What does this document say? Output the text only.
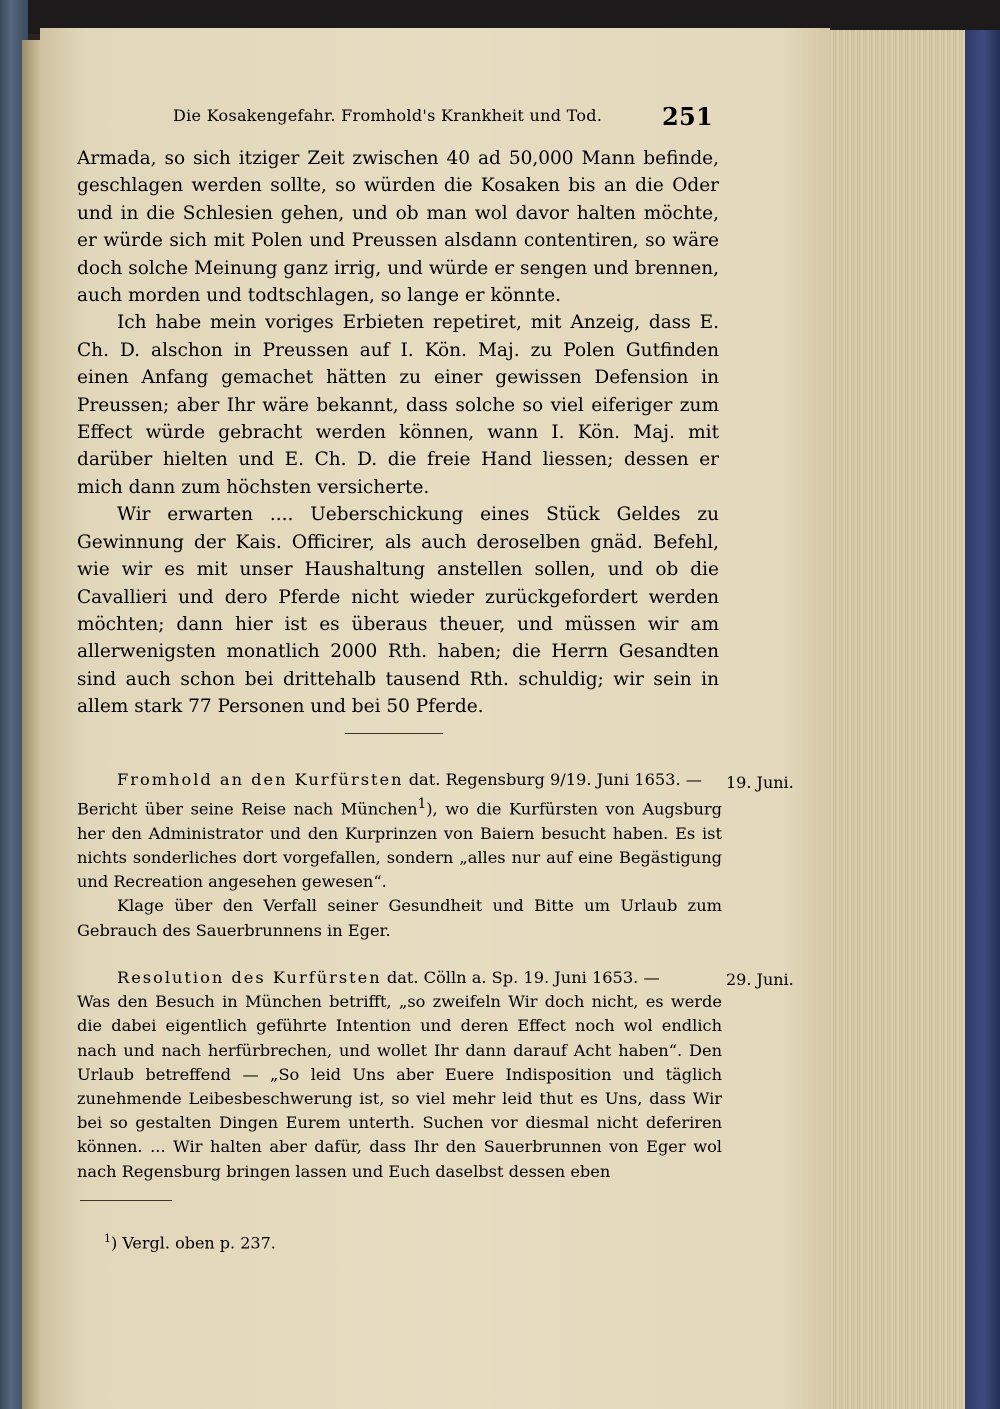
Die Kosakengefahr. Fromhold's Krankheit und Tod. 251

Armada, so sich itziger Zeit zwischen 40 ad 50,000 Mann befinde, geschlagen werden sollte, so würden die Kosaken bis an die Oder und in die Schlesien gehen, und ob man wol davor halten möchte, er würde sich mit Polen und Preussen alsdann contentiren, so wäre doch solche Meinung ganz irrig, und würde er sengen und brennen, auch morden und todtschlagen, so lange er könnte.

Ich habe mein voriges Erbieten repetiret, mit Anzeig, dass E. Ch. D. alschon in Preussen auf I. Kön. Maj. zu Polen Gutfinden einen Anfang gemachet hätten zu einer gewissen Defension in Preussen; aber Ihr wäre bekannt, dass solche so viel eiferiger zum Effect würde gebracht werden können, wann I. Kön. Maj. mit darüber hielten und E. Ch. D. die freie Hand liessen; dessen er mich dann zum höchsten versicherte.

Wir erwarten .... Ueberschickung eines Stück Geldes zu Gewinnung der Kais. Officirer, als auch deroselben gnäd. Befehl, wie wir es mit unser Haushaltung anstellen sollen, und ob die Cavallieri und dero Pferde nicht wieder zurückgefordert werden möchten; dann hier ist es überaus theuer, und müssen wir am allerwenigsten monatlich 2000 Rth. haben; die Herrn Gesandten sind auch schon bei drittehalb tausend Rth. schuldig; wir sein in allem stark 77 Personen und bei 50 Pferde.

Fromhold an den Kurfürsten dat. Regensburg 9/19. Juni 1653. —

Bericht über seine Reise nach München$^1$), wo die Kurfürsten von Augsburg her den Administrator und den Kurprinzen von Baiern besucht haben. Es ist nichts sonderliches dort vorgefallen, sondern „alles nur auf eine Begästigung und Recreation angesehen gewesen“.

Klage über den Verfall seiner Gesundheit und Bitte um Urlaub zum Gebrauch des Sauerbrunnens in Eger.

19. Juni.

Resolution des Kurfürsten dat. Cölln a. Sp. 19. Juni 1653. —

Was den Besuch in München betrifft, „so zweifeln Wir doch nicht, es werde die dabei eigentlich geführte Intention und deren Effect noch wol endlich nach und nach herfürbrechen, und wollet Ihr dann darauf Acht haben“. Den Urlaub betreffend — „So leid Uns aber Euere Indisposition und täglich zunehmende Leibesbeschwerung ist, so viel mehr leid thut es Uns, dass Wir bei so gestalten Dingen Eurem unterth. Suchen vor diesmal nicht deferiren können. ... Wir halten aber dafür, dass Ihr den Sauerbrunnen von Eger wol nach Regensburg bringen lassen und Euch daselbst dessen eben

29. Juni.
$^1$) Vergl. oben p. 237.
